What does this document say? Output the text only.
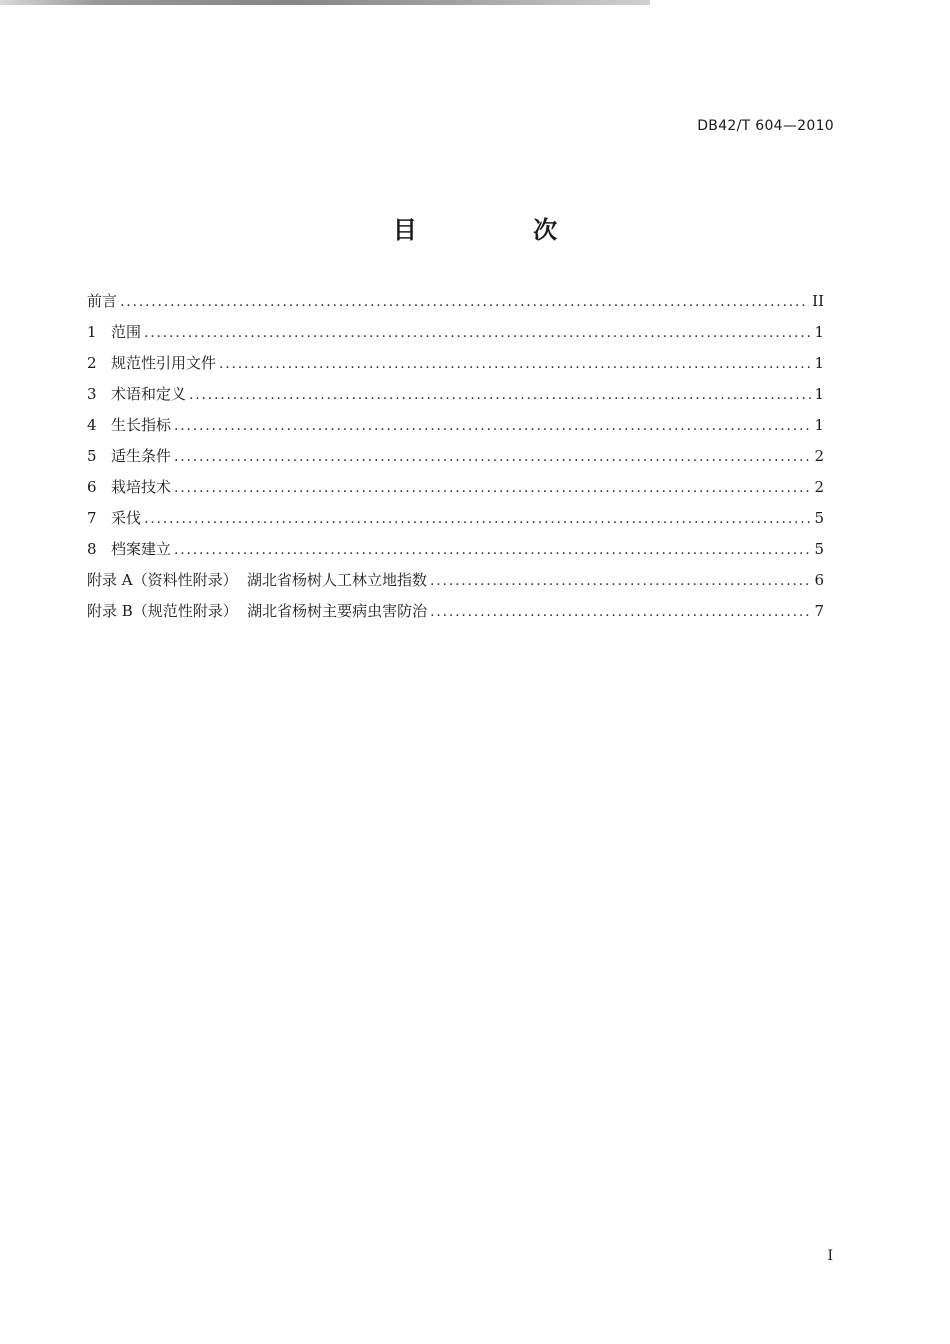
DB42/T 604—2010
目 次
前言 .....	II
1 范围 .....	1
2 规范性引用文件 .....	1
3 术语和定义 .....	1
4 生长指标 .....	1
5 适生条件 .....	2
6 栽培技术 .....	2
7 采伐 .....	5
8 档案建立 .....	5
附录 A（资料性附录） 湖北省杨树人工林立地指数 .....	6
附录 B（规范性附录） 湖北省杨树主要病虫害防治 .....	7
I
